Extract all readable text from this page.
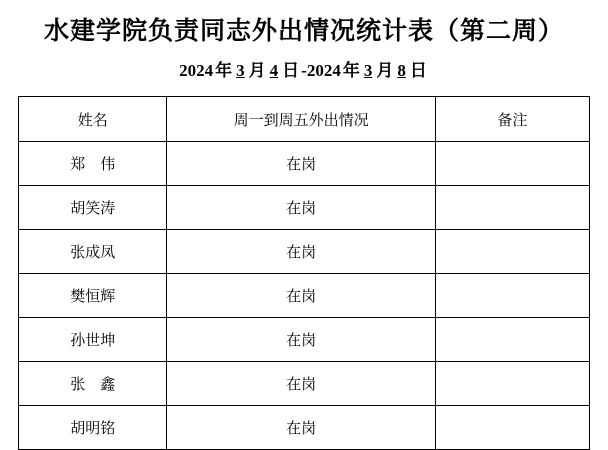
水建学院负责同志外出情况统计表（第二周）
2024 年 3 月 4 日 -2024 年 3 月 8 日
姓名	周一到周五外出情况	备注
郑　伟	在岗	
胡笑涛	在岗	
张成凤	在岗	
樊恒辉	在岗	
孙世坤	在岗	
张　鑫	在岗	
胡明铭	在岗	
